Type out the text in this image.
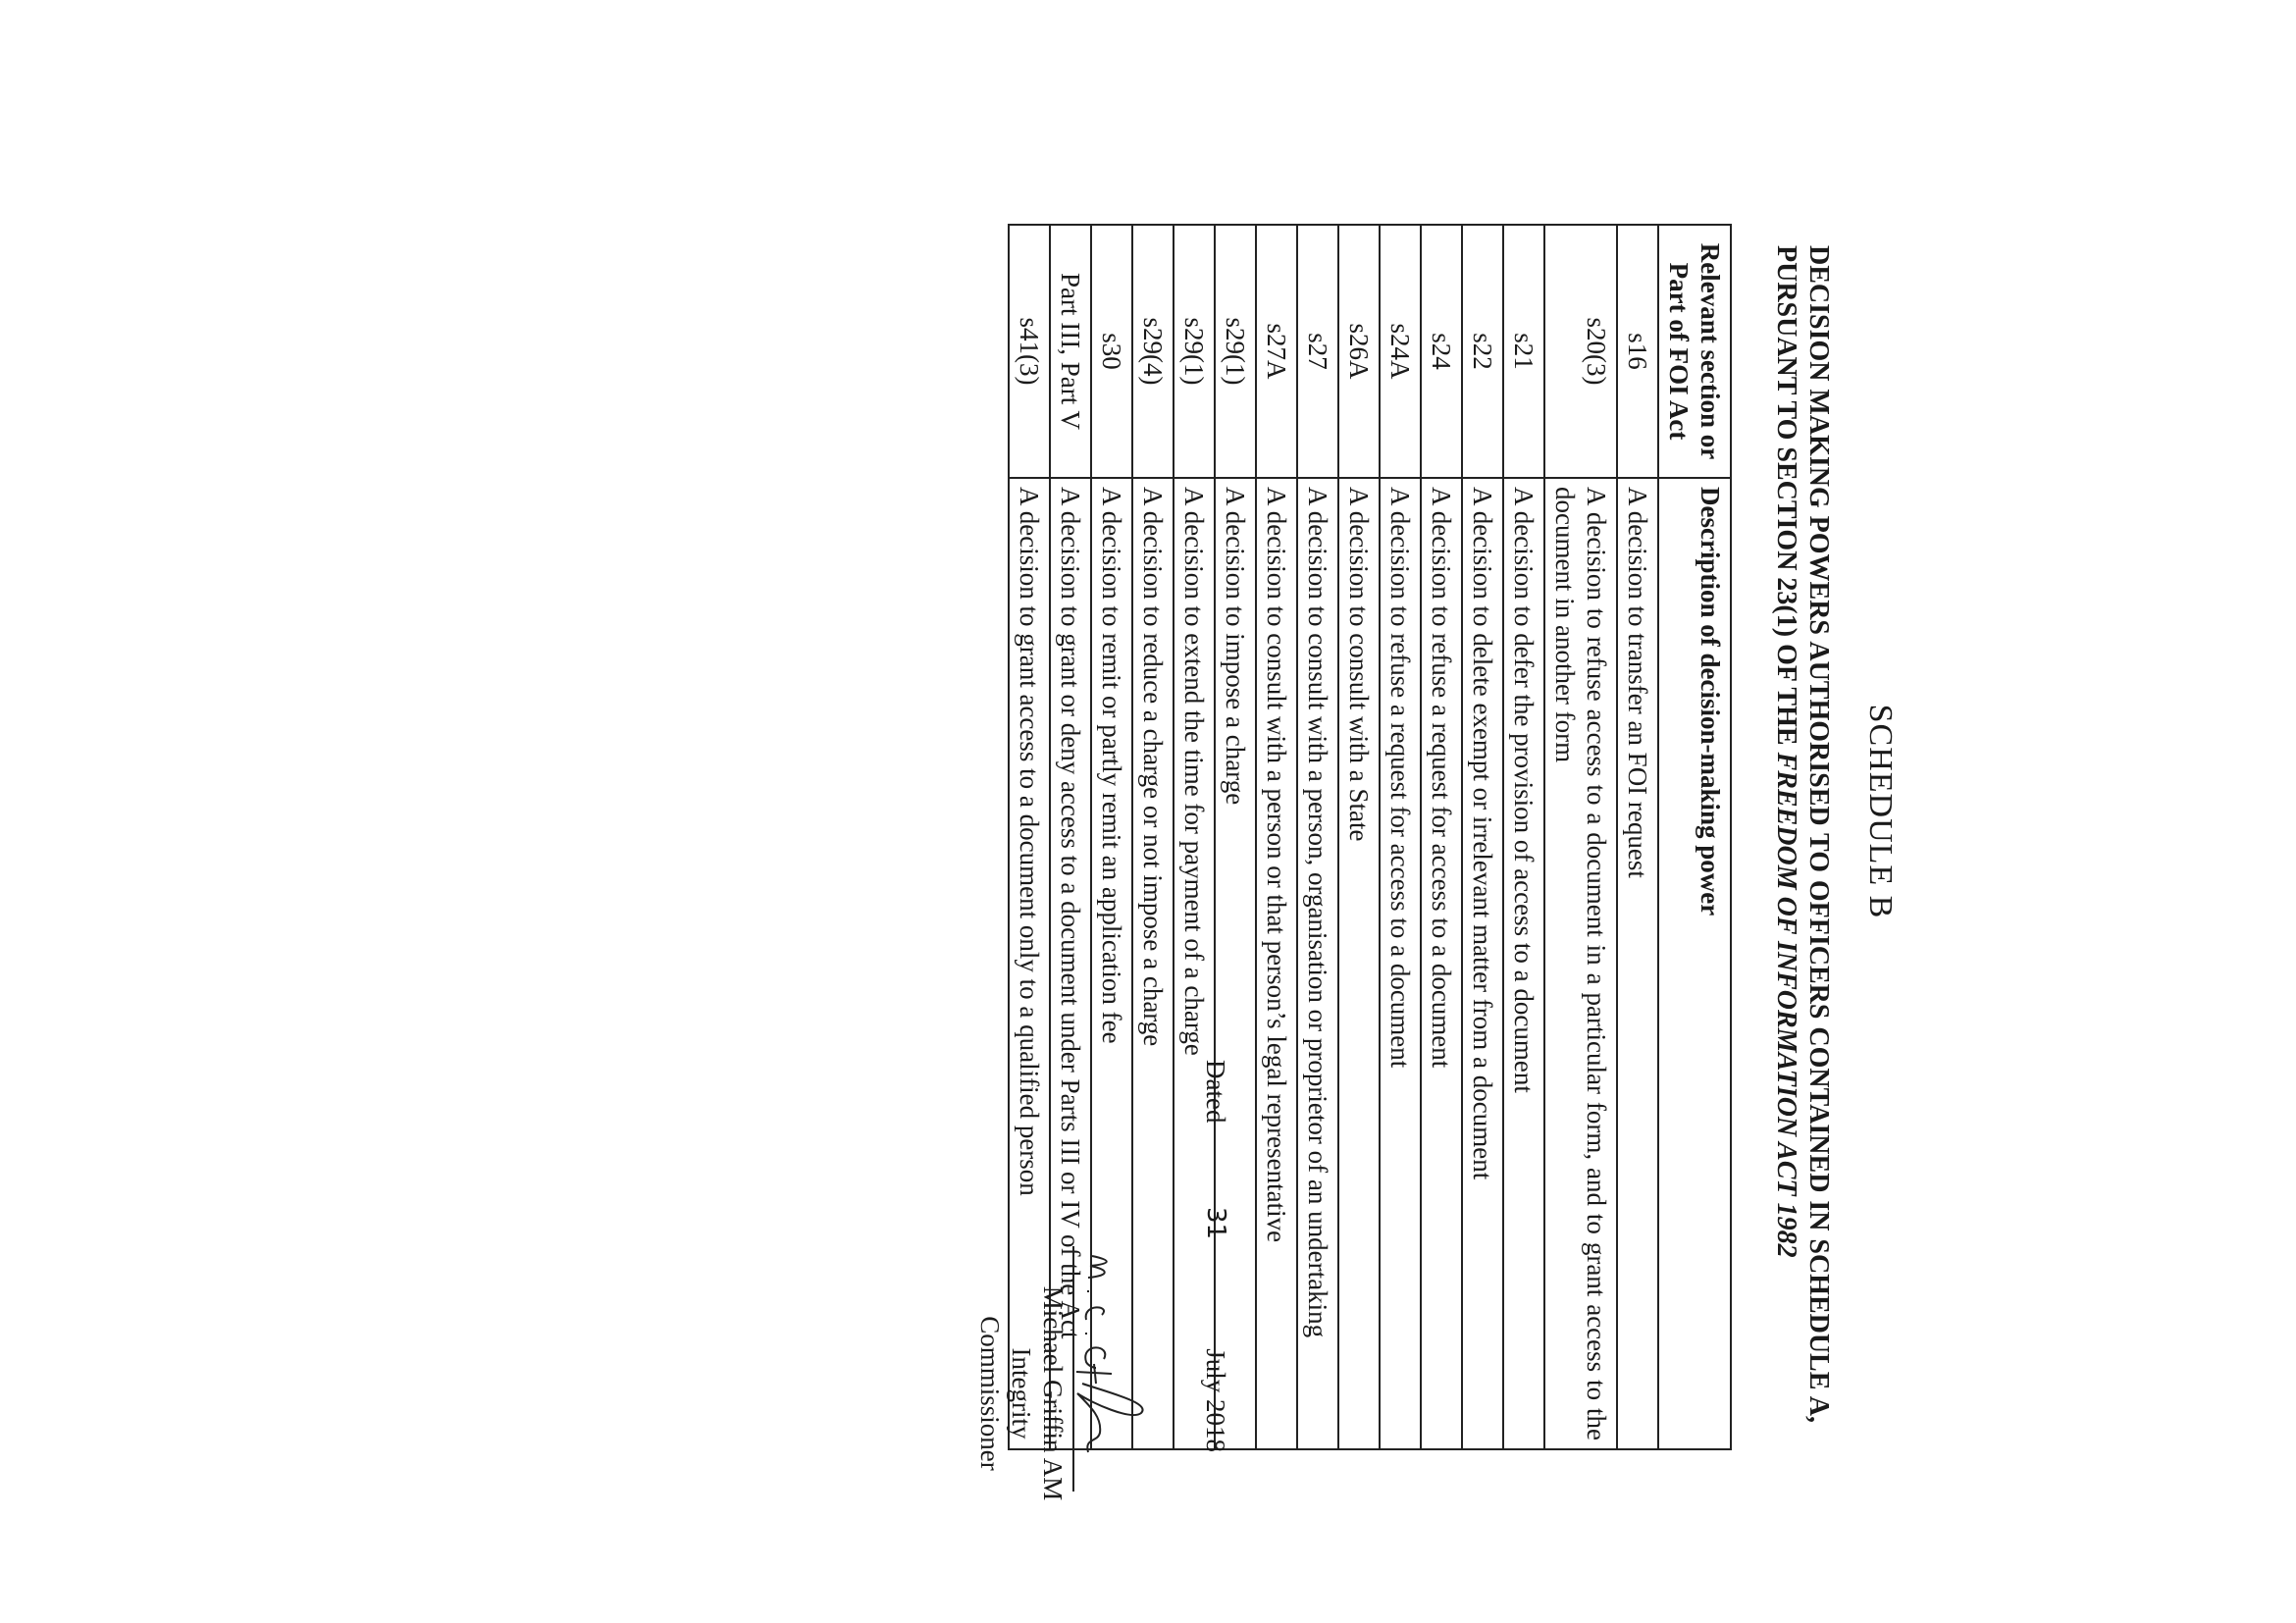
SCHEDULE B
DECISION MAKING POWERS AUTHORISED TO OFFICERS CONTAINED IN SCHEDULE A, PURSUANT TO SECTION 23(1) OF THE FREEDOM OF INFORMATION ACT 1982
Relevant section or Part of FOI Act	Description of decision-making power
s16	A decision to transfer an FOI request
s20(3)	A decision to refuse access to a document in a particular form, and to grant access to the document in another form
s21	A decision to defer the provision of access to a document
s22	A decision to delete exempt or irrelevant matter from a document
s24	A decision to refuse a request for access to a document
s24A	A decision to refuse a request for access to a document
s26A	A decision to consult with a State
s27	A decision to consult with a person, organisation or proprietor of an undertaking
s27A	A decision to consult with a person or that person’s legal representative
s29(1)	A decision to impose a charge
s29(1)	A decision to extend the time for payment of a charge
s29(4)	A decision to reduce a charge or not impose a charge
s30	A decision to remit or partly remit an application fee
Part III, Part V	A decision to grant or deny access to a document under Parts III or IV of the Act
s41(3)	A decision to grant access to a document only to a qualified person	Dated
31
July 2018
Michael Griffin AM
Integrity Commissioner
